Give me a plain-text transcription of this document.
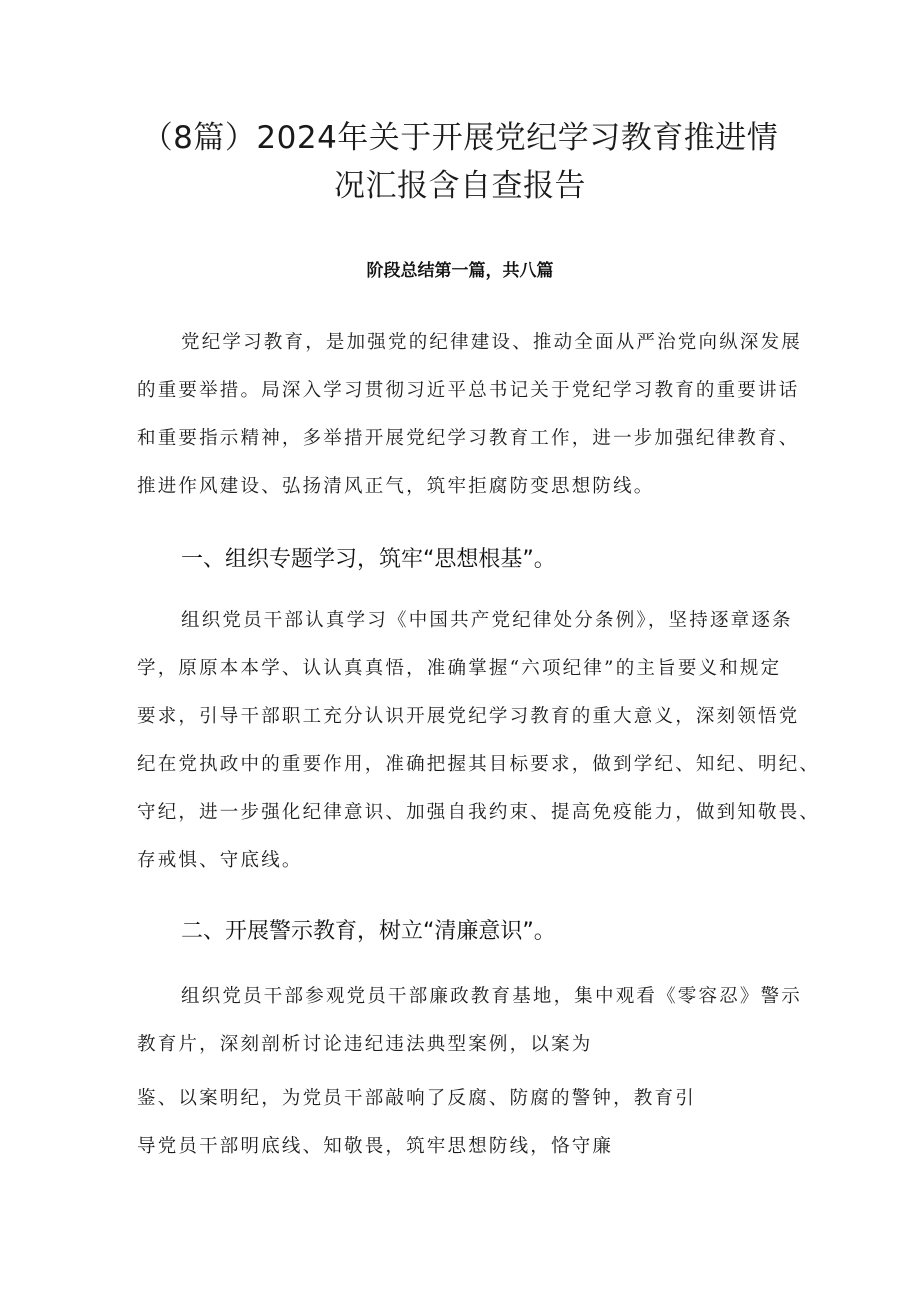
（8篇）2024年关于开展党纪学习教育推进情
况汇报含自查报告
阶段总结第一篇，共八篇
党纪学习教育，是加强党的纪律建设、推动全面从严治党向纵深发展
的重要举措。局深入学习贯彻习近平总书记关于党纪学习教育的重要讲话
和重要指示精神，多举措开展党纪学习教育工作，进一步加强纪律教育、
推进作风建设、弘扬清风正气，筑牢拒腐防变思想防线。
一、组织专题学习，筑牢“思想根基”。
组织党员干部认真学习《中国共产党纪律处分条例》，坚持逐章逐条
学，原原本本学、认认真真悟，准确掌握“六项纪律”的主旨要义和规定
要求，引导干部职工充分认识开展党纪学习教育的重大意义，深刻领悟党
纪在党执政中的重要作用，准确把握其目标要求，做到学纪、知纪、明纪、
守纪，进一步强化纪律意识、加强自我约束、提高免疫能力，做到知敬畏、
存戒惧、守底线。
二、开展警示教育，树立“清廉意识”。
组织党员干部参观党员干部廉政教育基地，集中观看《零容忍》警示
教育片，深刻剖析讨论违纪违法典型案例，以案为
鉴、以案明纪，为党员干部敲响了反腐、防腐的警钟，教育引
导党员干部明底线、知敬畏，筑牢思想防线，恪守廉
